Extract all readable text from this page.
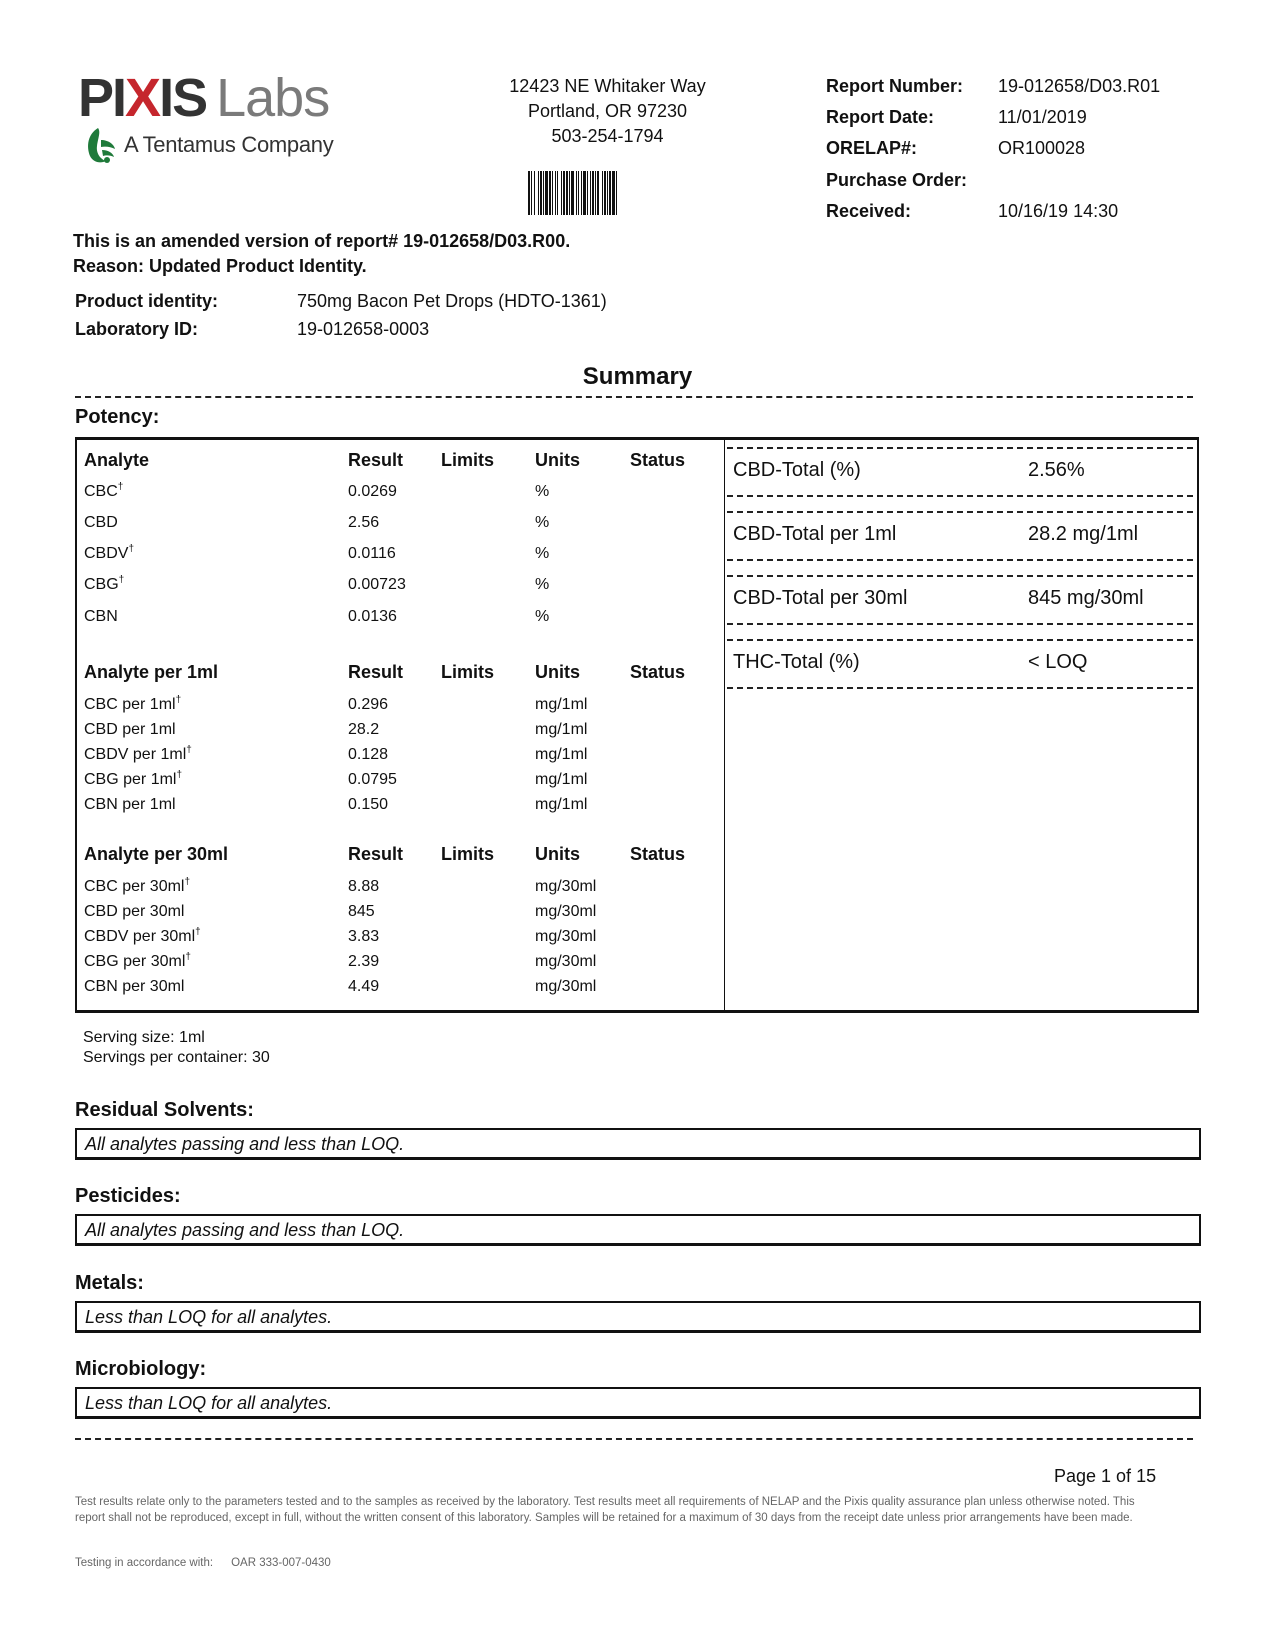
PIXIS Labs
A Tentamus Company
12423 NE Whitaker Way
Portland, OR 97230
503-254-1794
Report Number: 19-012658/D03.R01
Report Date:	11/01/2019
ORELAP#:	OR100028
Purchase Order:
Received:	10/16/19 14:30
This is an amended version of report# 19-012658/D03.R00.
Reason: Updated Product Identity.
Product identity:	750mg Bacon Pet Drops (HDTO-1361)
Laboratory ID:	19-012658-0003
Summary
Potency:
Analyte	Result Limits Units	Status
CBC†	0.0269	%
CBD	2.56	%
CBDV†	0.0116	%
CBG†	0.00723	%
CBN	0.0136	%
Analyte per 1ml	Result Limits Units	Status
CBC per 1ml†	0.296	mg/1ml
CBD per 1ml	28.2	mg/1ml
CBDV per 1ml†	0.128	mg/1ml
CBG per 1ml†	0.0795	mg/1ml
CBN per 1ml	0.150	mg/1ml
Analyte per 30ml	Result Limits Units	Status
CBC per 30ml†	8.88	mg/30ml
CBD per 30ml	845	mg/30ml
CBDV per 30ml†	3.83	mg/30ml
CBG per 30ml†	2.39	mg/30ml
CBN per 30ml	4.49	mg/30ml
CBD-Total (%)	2.56%
CBD-Total per 1ml	28.2 mg/1ml
CBD-Total per 30ml	845 mg/30ml
THC-Total (%)	< LOQ
Serving size: 1ml
Servings per container: 30
Residual Solvents:
All analytes passing and less than LOQ.
Pesticides:
All analytes passing and less than LOQ.
Metals:
Less than LOQ for all analytes.
Microbiology:
Less than LOQ for all analytes.
Page 1 of 15
Test results relate only to the parameters tested and to the samples as received by the laboratory. Test results meet all requirements of NELAP and the Pixis quality assurance plan unless otherwise noted. This report shall not be reproduced, except in full, without the written consent of this laboratory. Samples will be retained for a maximum of 30 days from the receipt date unless prior arrangements have been made.
Testing in accordance with: OAR 333-007-0430
